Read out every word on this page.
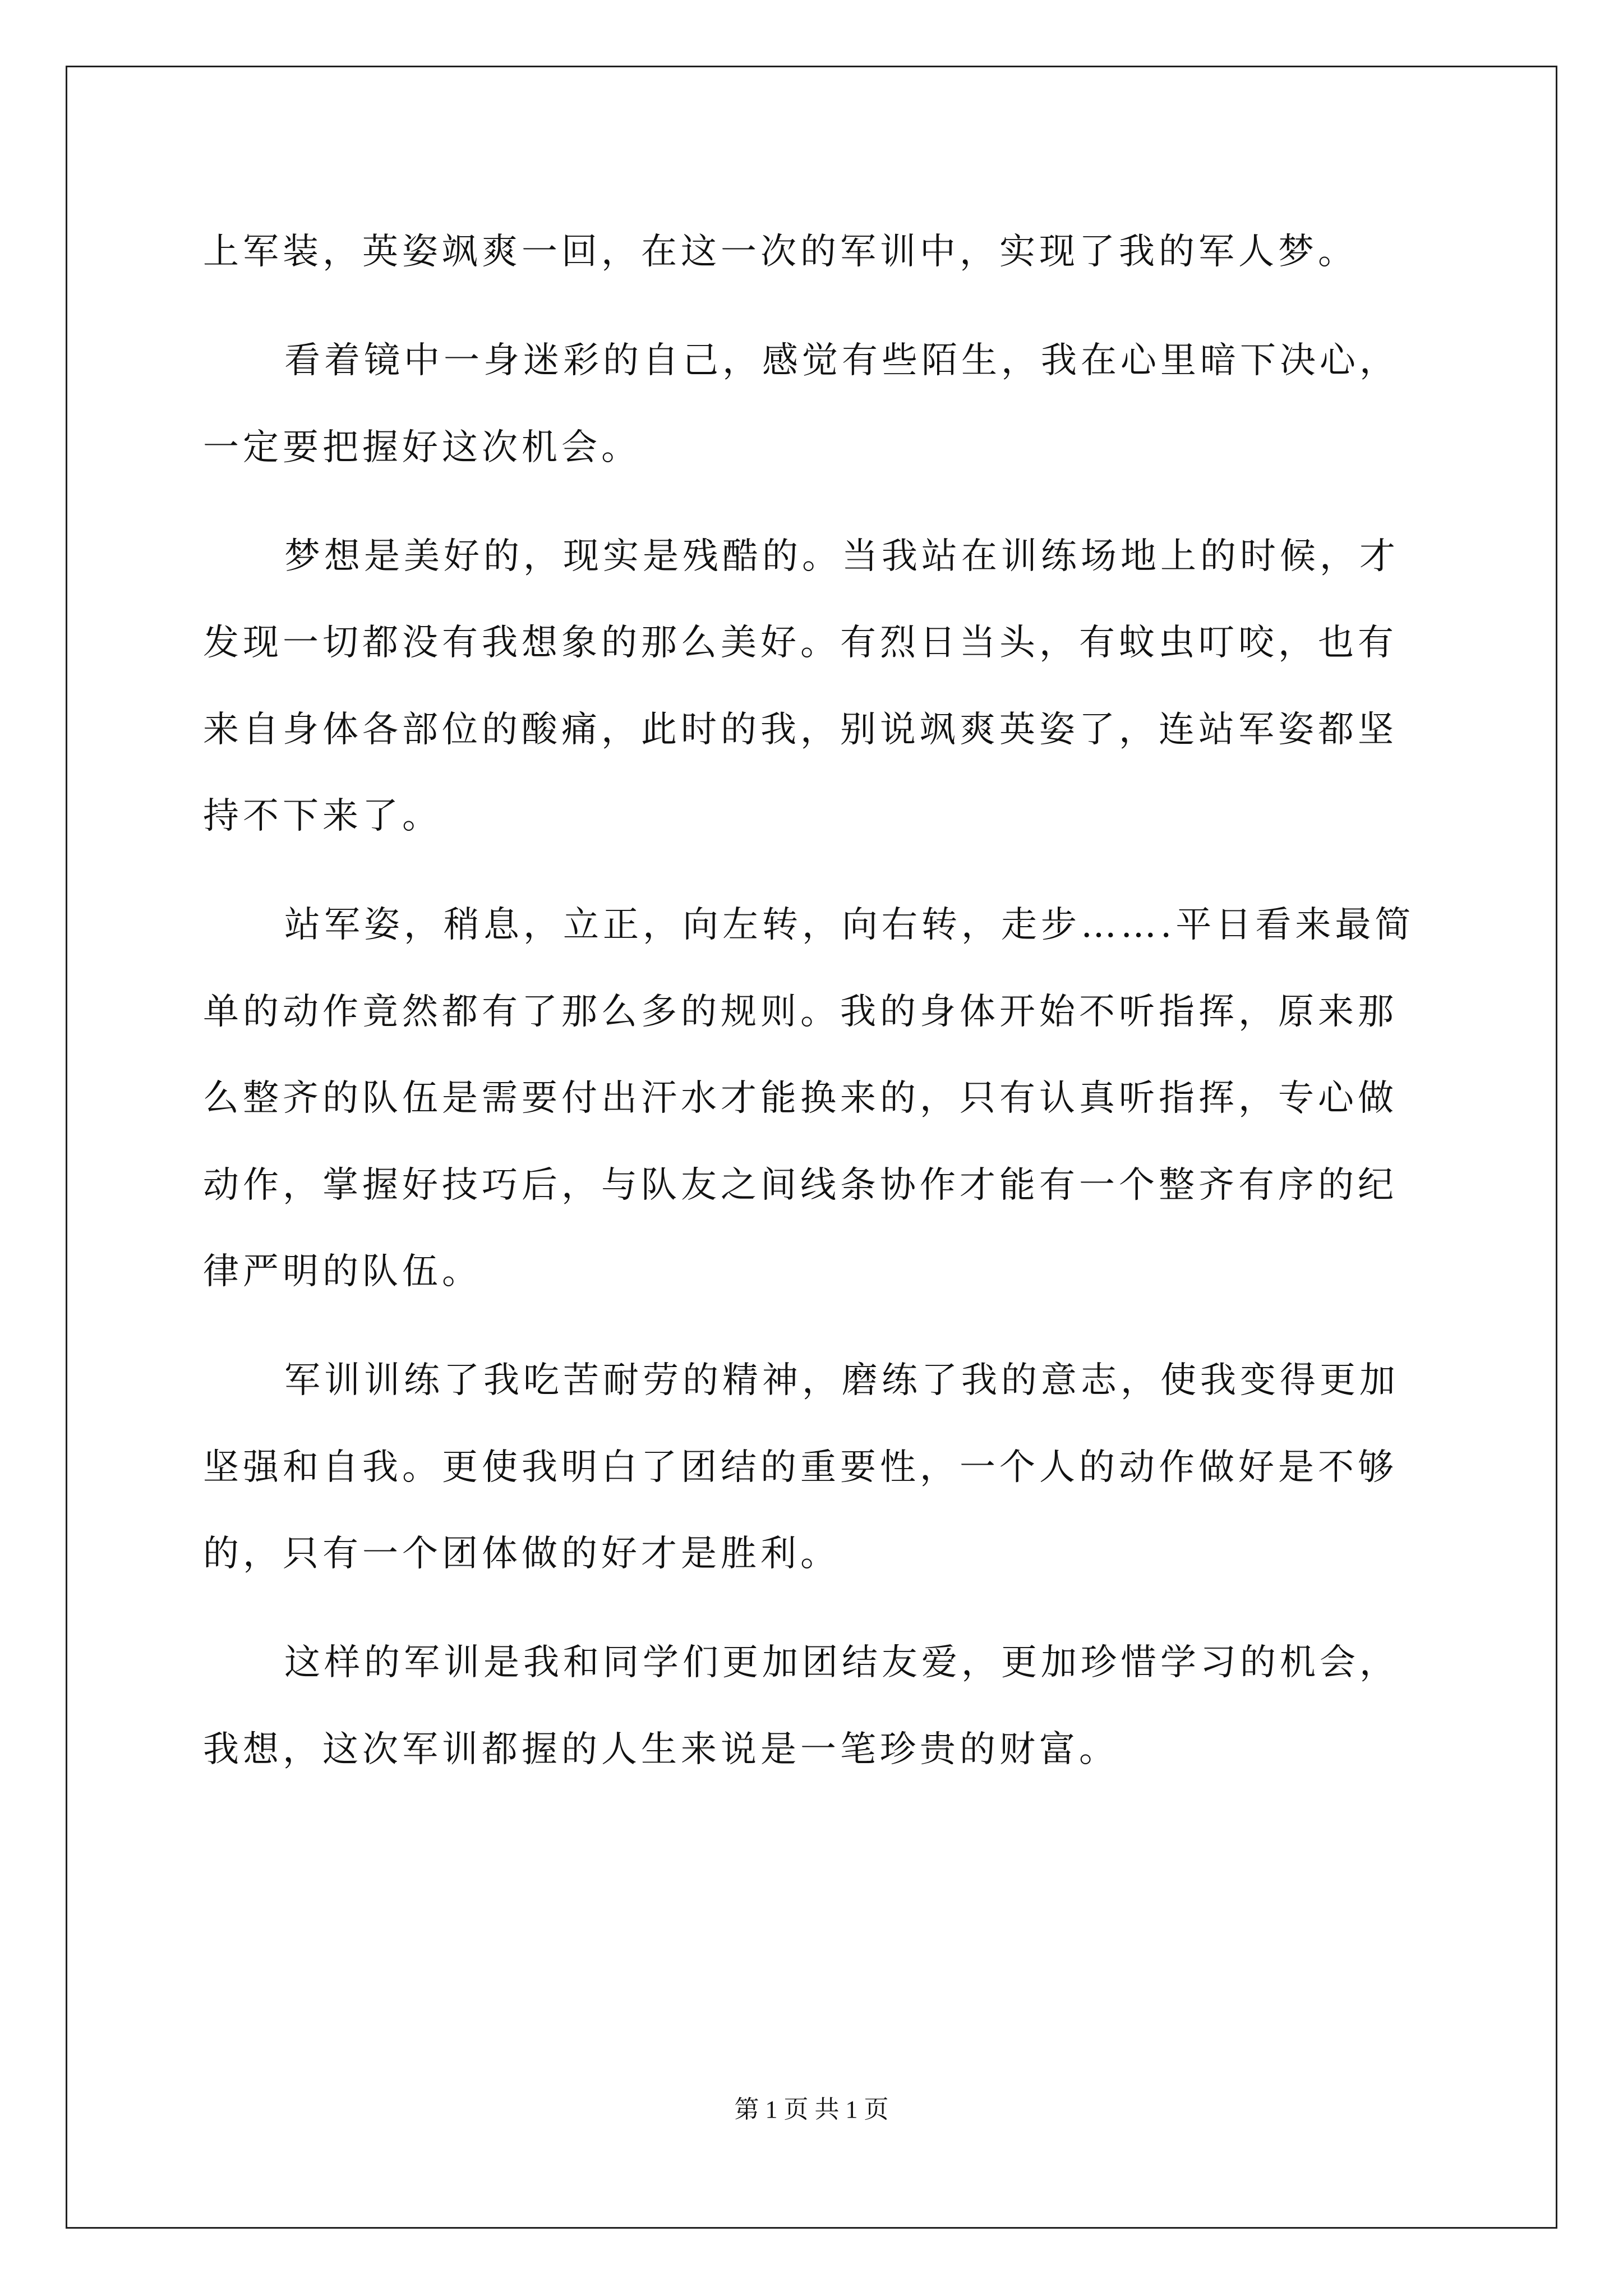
上军装，英姿飒爽一回，在这一次的军训中，实现了我的军人梦。
看着镜中一身迷彩的自己，感觉有些陌生，我在心里暗下决心，
一定要把握好这次机会。
梦想是美好的，现实是残酷的。当我站在训练场地上的时候，才
发现一切都没有我想象的那么美好。有烈日当头，有蚊虫叮咬，也有
来自身体各部位的酸痛，此时的我，别说飒爽英姿了，连站军姿都坚
持不下来了。
站军姿，稍息，立正，向左转，向右转，走步…….平日看来最简
单的动作竟然都有了那么多的规则。我的身体开始不听指挥，原来那
么整齐的队伍是需要付出汗水才能换来的，只有认真听指挥，专心做
动作，掌握好技巧后，与队友之间线条协作才能有一个整齐有序的纪
律严明的队伍。
军训训练了我吃苦耐劳的精神，磨练了我的意志，使我变得更加
坚强和自我。更使我明白了团结的重要性，一个人的动作做好是不够
的，只有一个团体做的好才是胜利。
这样的军训是我和同学们更加团结友爱，更加珍惜学习的机会，
我想，这次军训都握的人生来说是一笔珍贵的财富。
第 1 页 共 1 页
